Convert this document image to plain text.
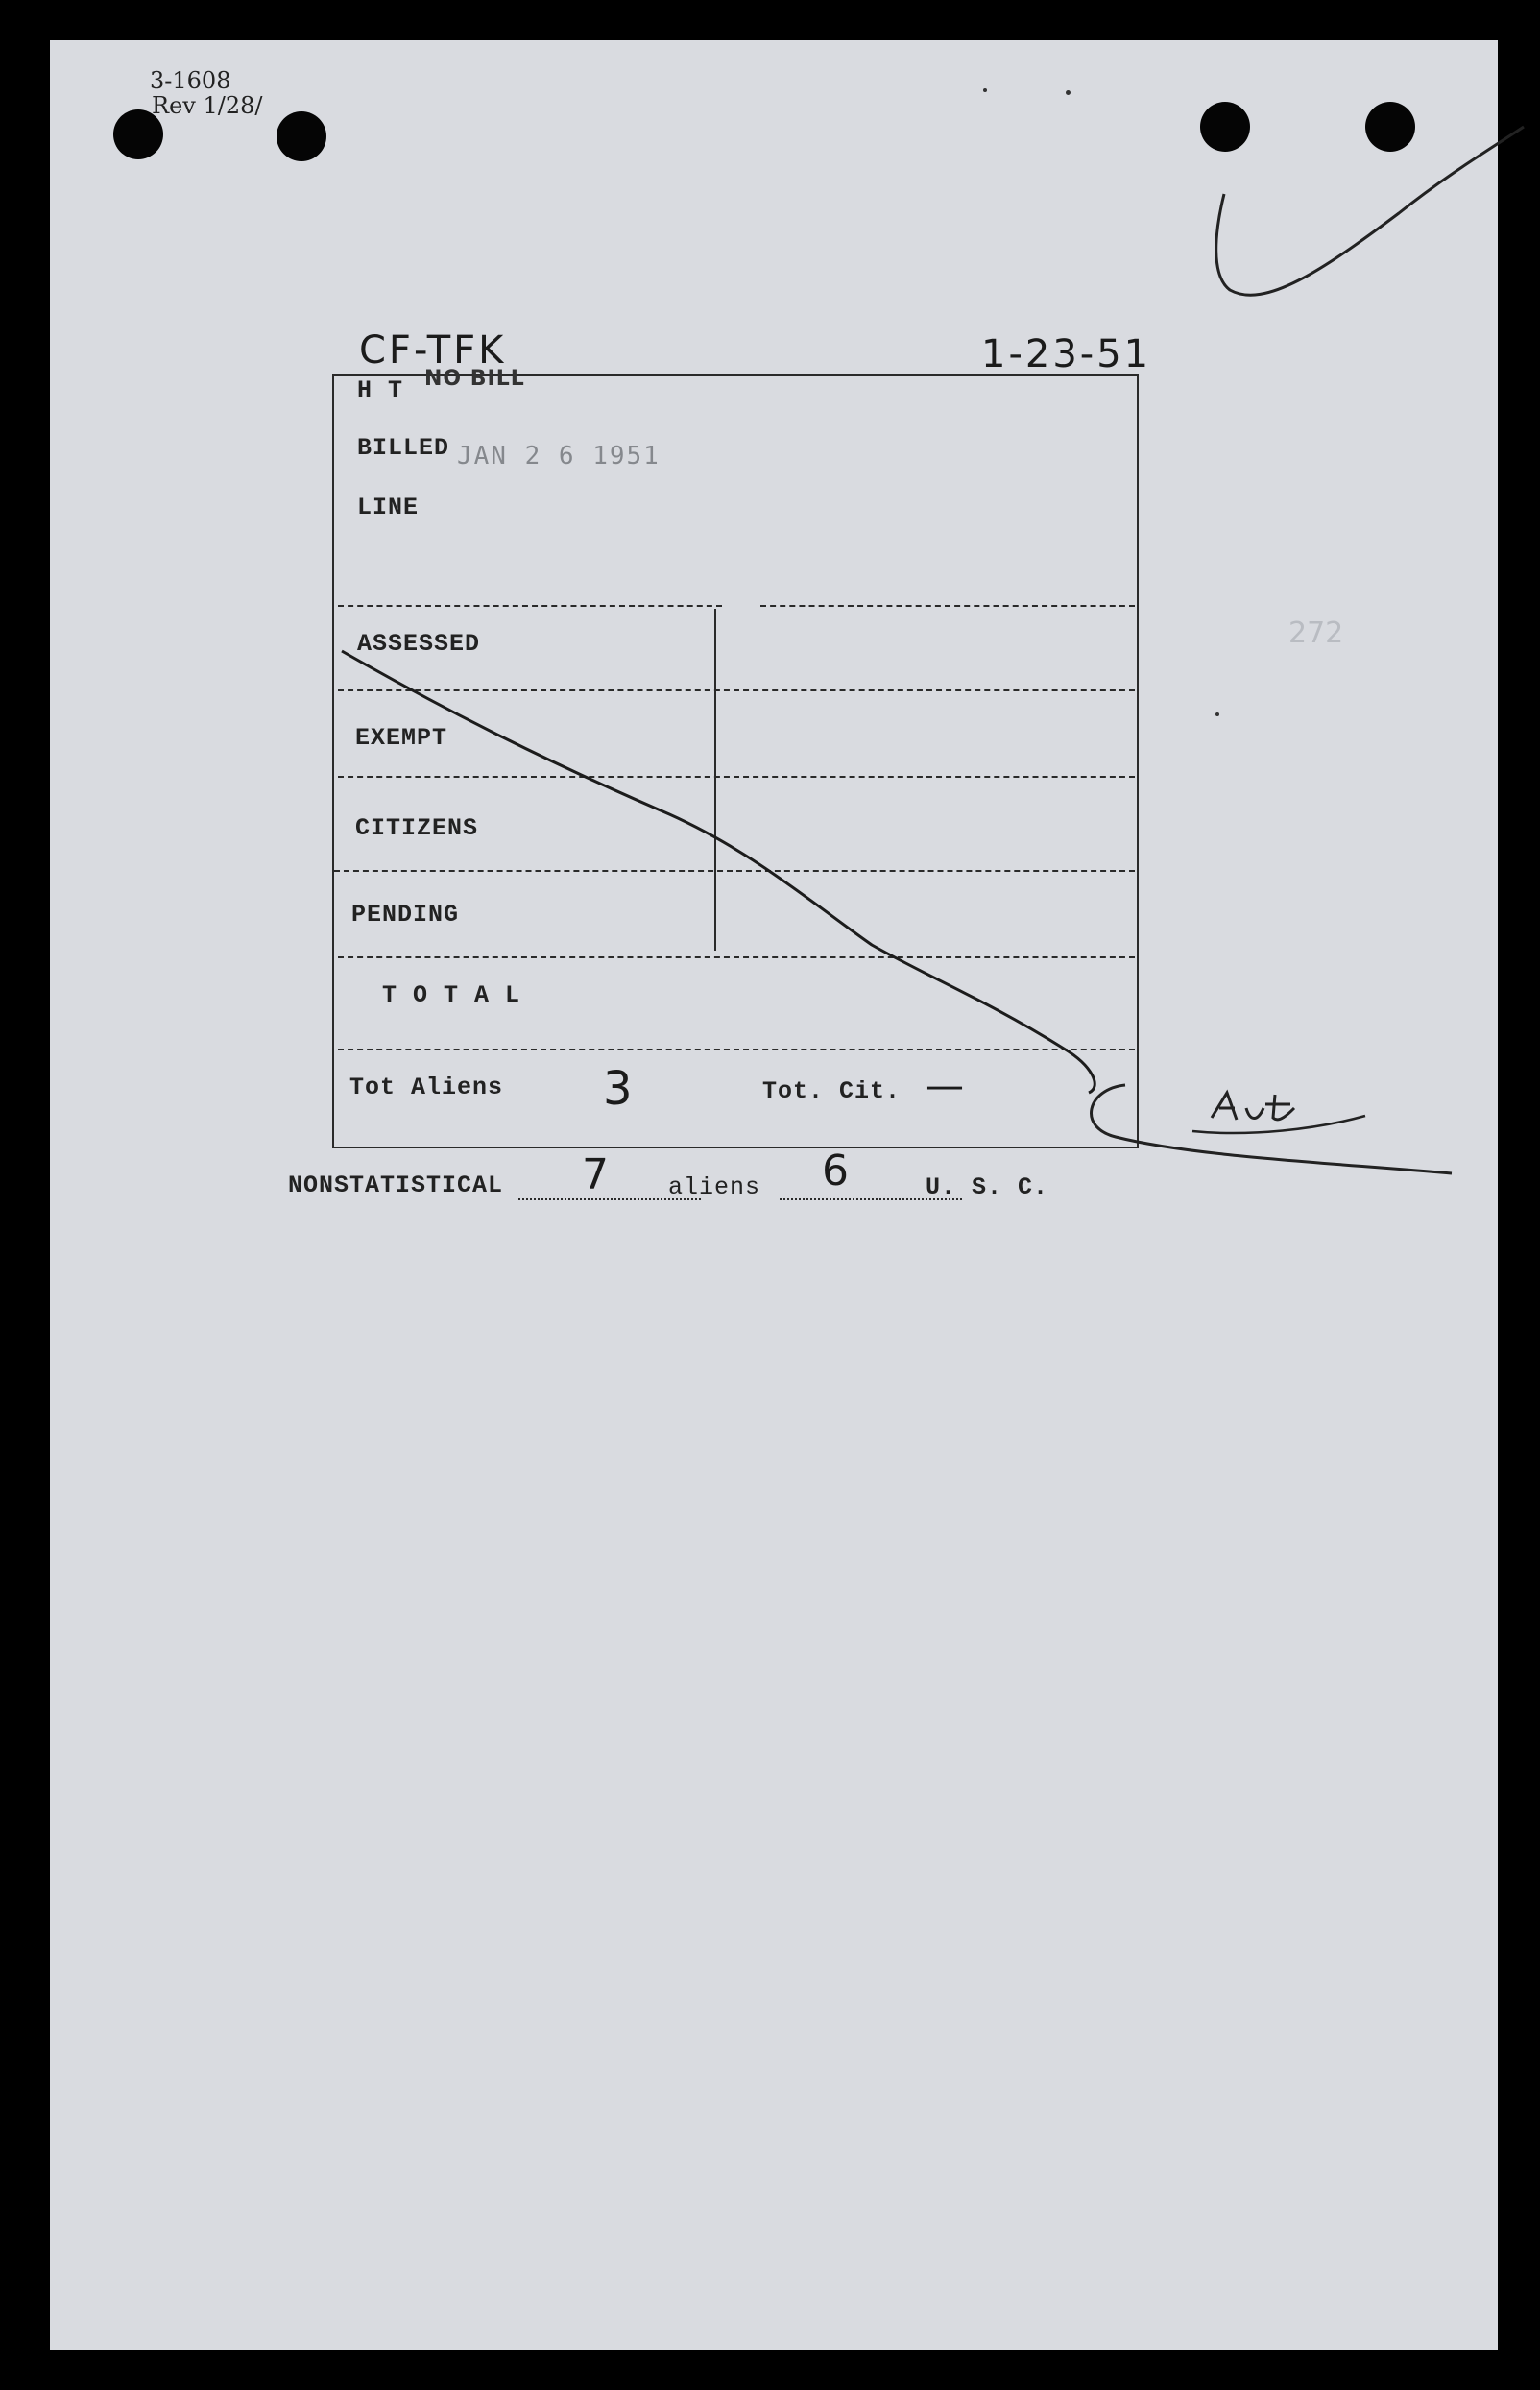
3-1608
Rev 1/28/
CF-TFK	1-23-51
H T NO BILL
BILLED JAN 2 6 1951
LINE
ASSESSED
EXEMPT
CITIZENS
PENDING
T O T A L
Tot Aliens 3	Tot. Cit. —
NONSTATISTICAL 7 aliens 6	U. S. C.
272
